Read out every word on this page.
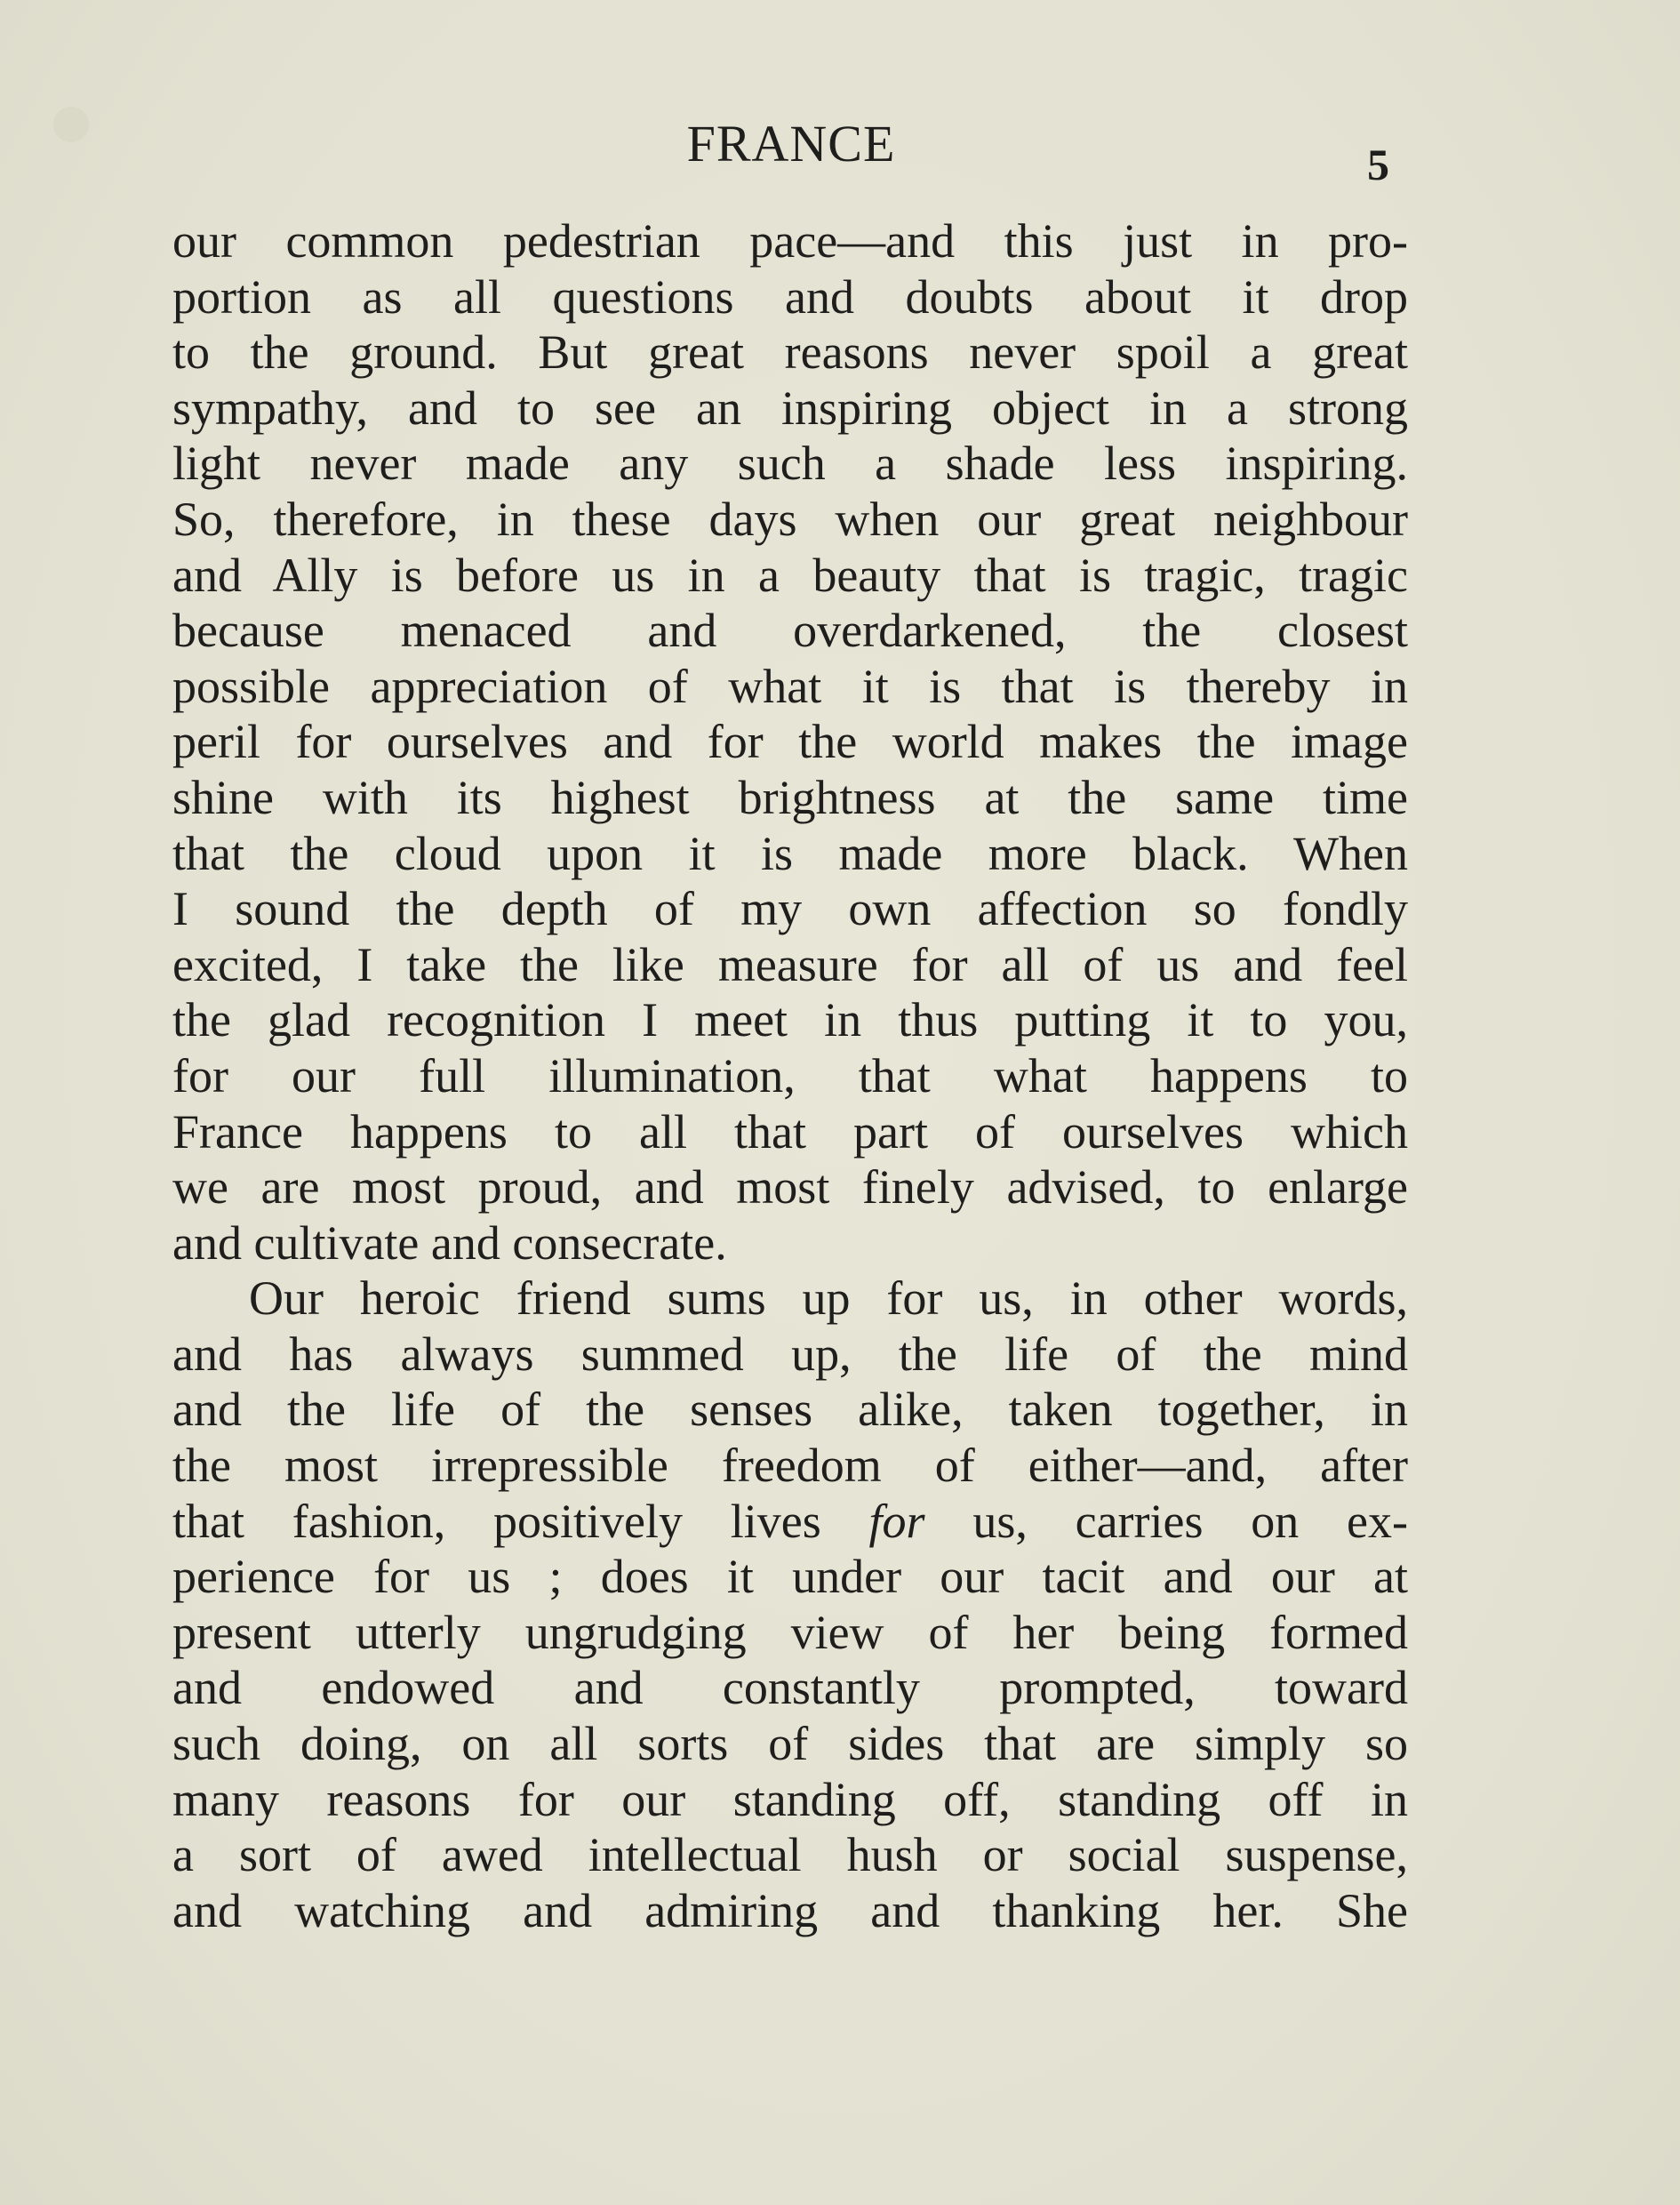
FRANCE	5
our common pedestrian pace—and this just in pro-
portion as all questions and doubts about it drop
to the ground. But great reasons never spoil a great
sympathy, and to see an inspiring object in a strong
light never made any such a shade less inspiring.
So, therefore, in these days when our great neighbour
and Ally is before us in a beauty that is tragic, tragic
because menaced and overdarkened, the closest
possible appreciation of what it is that is thereby in
peril for ourselves and for the world makes the image
shine with its highest brightness at the same time
that the cloud upon it is made more black. When
I sound the depth of my own affection so fondly
excited, I take the like measure for all of us and feel
the glad recognition I meet in thus putting it to you,
for our full illumination, that what happens to
France happens to all that part of ourselves which
we are most proud, and most finely advised, to enlarge
and cultivate and consecrate.
Our heroic friend sums up for us, in other words,
and has always summed up, the life of the mind
and the life of the senses alike, taken together, in
the most irrepressible freedom of either—and, after
that fashion, positively lives for us, carries on ex-
perience for us ; does it under our tacit and our at
present utterly ungrudging view of her being formed
and endowed and constantly prompted, toward
such doing, on all sorts of sides that are simply so
many reasons for our standing off, standing off in
a sort of awed intellectual hush or social suspense,
and watching and admiring and thanking her. She
